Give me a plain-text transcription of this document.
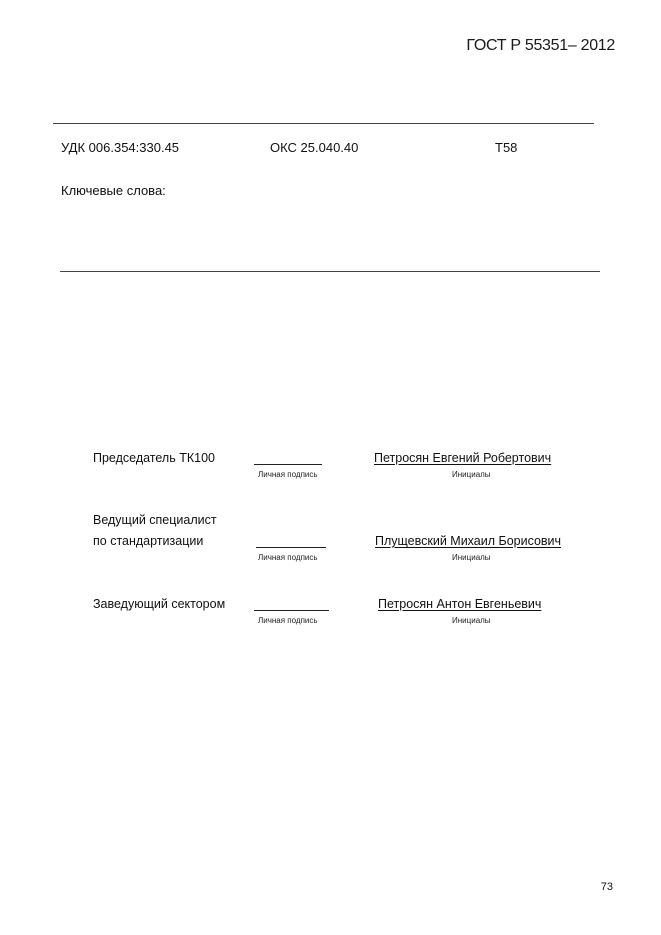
ГОСТ Р 55351– 2012
УДК 006.354:330.45	ОКС 25.040.40	Т58
Ключевые слова:
Председатель ТК100
Личная подпись
Петросян Евгений Робертович
Инициалы
Ведущий специалист
по стандартизации
Личная подпись
Плущевский Михаил Борисович
Инициалы
Заведующий сектором
Личная подпись
Петросян Антон Евгеньевич
Инициалы
73
